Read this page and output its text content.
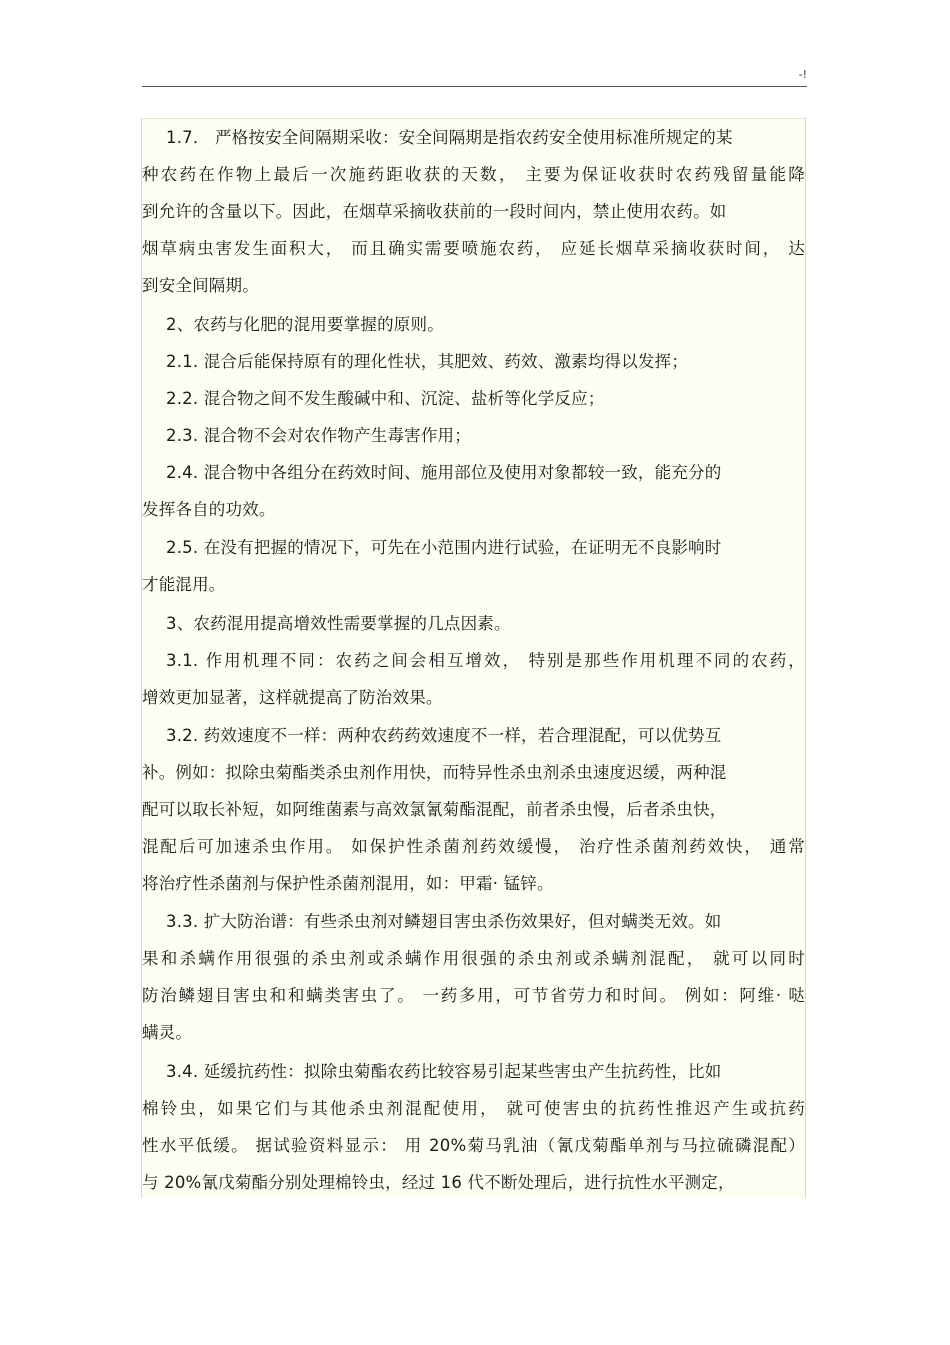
-!
1.7． 严格按安全间隔期采收：安全间隔期是指农药安全使用标准所规定的某
种农药在作物上最后一次施药距收获的天数， 主要为保证收获时农药残留量能降
到允许的含量以下。因此，在烟草采摘收获前的一段时间内，禁止使用农药。如
烟草病虫害发生面积大， 而且确实需要喷施农药， 应延长烟草采摘收获时间， 达
到安全间隔期。
2、农药与化肥的混用要掌握的原则。
2.1. 混合后能保持原有的理化性状，其肥效、药效、激素均得以发挥；
2.2. 混合物之间不发生酸碱中和、沉淀、盐析等化学反应；
2.3. 混合物不会对农作物产生毒害作用；
2.4. 混合物中各组分在药效时间、施用部位及使用对象都较一致，能充分的
发挥各自的功效。
2.5. 在没有把握的情况下，可先在小范围内进行试验，在证明无不良影响时
才能混用。
3、农药混用提高增效性需要掌握的几点因素。
3.1. 作用机理不同：农药之间会相互增效， 特别是那些作用机理不同的农药，
增效更加显著，这样就提高了防治效果。
3.2. 药效速度不一样：两种农药药效速度不一样，若合理混配，可以优势互
补。例如：拟除虫菊酯类杀虫剂作用快，而特异性杀虫剂杀虫速度迟缓，两种混
配可以取长补短，如阿维菌素与高效氯氰菊酯混配，前者杀虫慢，后者杀虫快，
混配后可加速杀虫作用。 如保护性杀菌剂药效缓慢， 治疗性杀菌剂药效快， 通常
将治疗性杀菌剂与保护性杀菌剂混用，如：甲霜· 锰锌。
3.3. 扩大防治谱：有些杀虫剂对鳞翅目害虫杀伤效果好，但对螨类无效。如
果和杀螨作用很强的杀虫剂或杀螨作用很强的杀虫剂或杀螨剂混配， 就可以同时
防治鳞翅目害虫和和螨类害虫了。 一药多用，可节省劳力和时间。 例如：阿维· 哒
螨灵。
3.4. 延缓抗药性：拟除虫菊酯农药比较容易引起某些害虫产生抗药性，比如
棉铃虫，如果它们与其他杀虫剂混配使用， 就可使害虫的抗药性推迟产生或抗药
性水平低缓。 据试验资料显示： 用 20%菊马乳油（氰戊菊酯单剂与马拉硫磷混配）
与 20%氰戊菊酯分别处理棉铃虫，经过 16 代不断处理后，进行抗性水平测定，
